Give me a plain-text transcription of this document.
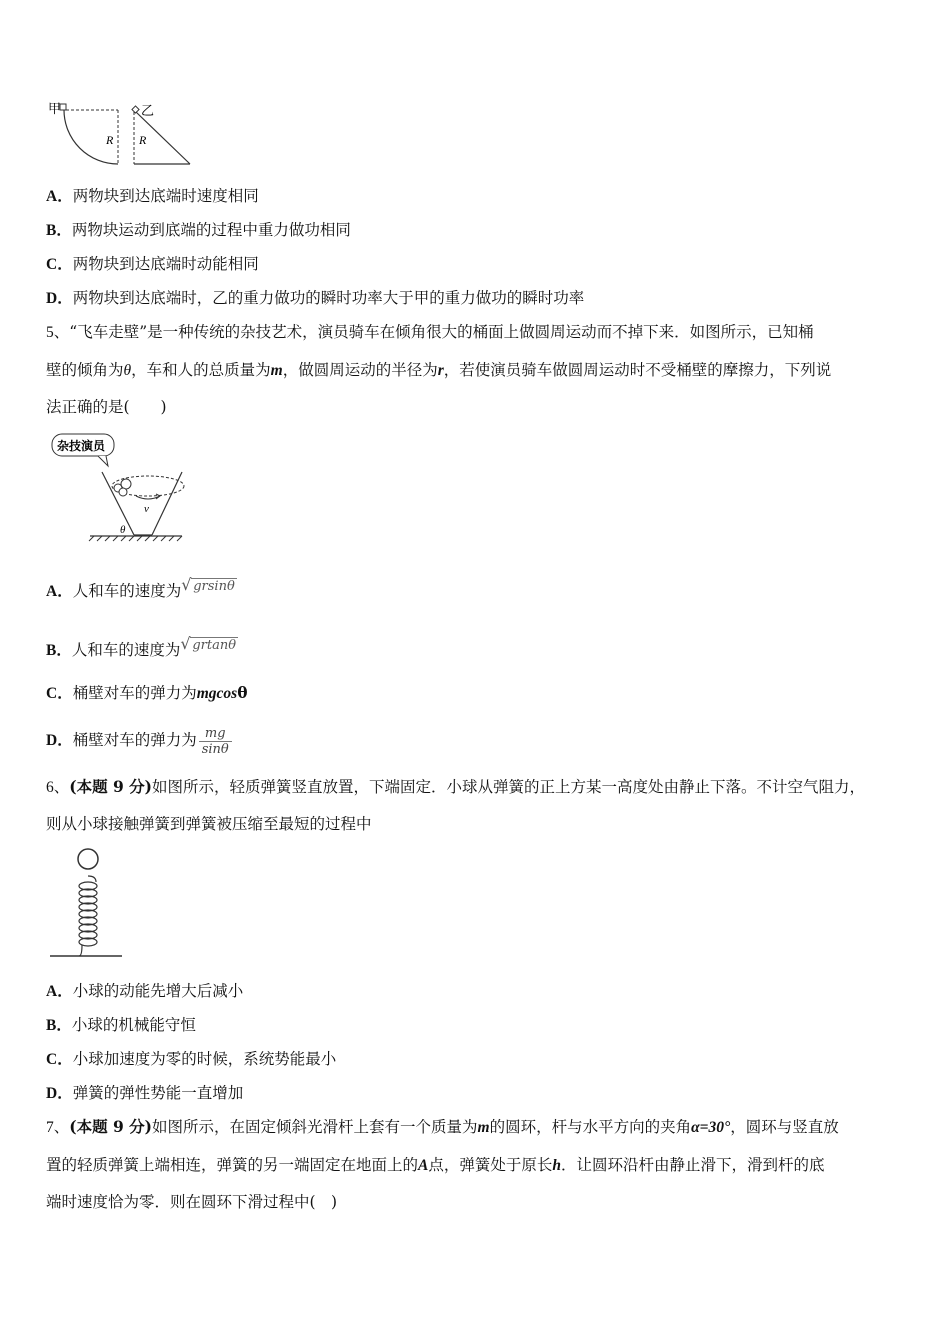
甲
R
乙
R
A．两物块到达底端时速度相同
B．两物块运动到底端的过程中重力做功相同
C．两物块到达底端时动能相同
D．两物块到达底端时，乙的重力做功的瞬时功率大于甲的重力做功的瞬时功率
5、“飞车走壁”是一种传统的杂技艺术，演员骑车在倾角很大的桶面上做圆周运动而不掉下来．如图所示，已知桶
壁的倾角为θ，车和人的总质量为m，做圆周运动的半径为r，若使演员骑车做圆周运动时不受桶壁的摩擦力，下列说
法正确的是(　　)
杂技演员
v
θ
A．人和车的速度为 √ grsinθ
B．人和车的速度为 √ grtanθ
C．桶壁对车的弹力为mgcosθ
D．桶壁对车的弹力为 $\frac{mg}{\sin\theta}$
6、(本题 9 分)如图所示，轻质弹簧竖直放置，下端固定．小球从弹簧的正上方某一高度处由静止下落。不计空气阻力，
则从小球接触弹簧到弹簧被压缩至最短的过程中
A．小球的动能先增大后减小
B．小球的机械能守恒
C．小球加速度为零的时候，系统势能最小
D．弹簧的弹性势能一直增加
7、(本题 9 分)如图所示，在固定倾斜光滑杆上套有一个质量为m的圆环，杆与水平方向的夹角α=30°，圆环与竖直放
置的轻质弹簧上端相连，弹簧的另一端固定在地面上的A点，弹簧处于原长h．让圆环沿杆由静止滑下，滑到杆的底
端时速度恰为零．则在圆环下滑过程中(　)
